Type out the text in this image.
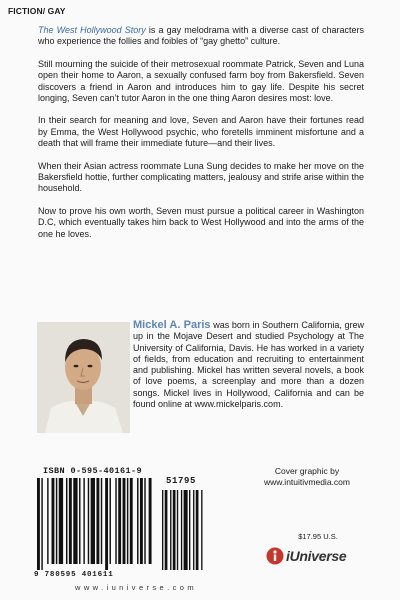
FICTION/ GAY

The West Hollywood Story is a gay melodrama with a diverse cast of characters who experience the follies and foibles of “gay ghetto” culture.

Still mourning the suicide of their metrosexual roommate Patrick, Seven and Luna open their home to Aaron, a sexually confused farm boy from Bakersfield. Seven discovers a friend in Aaron and introduces him to gay life. Despite his secret longing, Seven can’t tutor Aaron in the one thing Aaron desires most: love.

In their search for meaning and love, Seven and Aaron have their fortunes read by Emma, the West Hollywood psychic, who foretells imminent misfortune and a death that will frame their immediate future—and their lives.

When their Asian actress roommate Luna Sung decides to make her move on the Bakersfield hottie, further complicating matters, jealousy and strife arise within the household.

Now to prove his own worth, Seven must pursue a political career in Washington D.C, which eventually takes him back to West Hollywood and into the arms of the one he loves.

Mickel A. Paris was born in Southern California, grew up in the Mojave Desert and studied Psychology at The University of California, Davis. He has worked in a variety of fields, from education and recruiting to entertainment and publishing. Mickel has written several novels, a book of love poems, a screenplay and more than a dozen songs. Mickel lives in Hollywood, California and can be found online at www.mickelparis.com.
Cover graphic by
www.intuitivmedia.com
ISBN 0-595-40161-9
51795
9 780595 401611
$17.95 U.S.
iUniverse
www.iuniverse.com
